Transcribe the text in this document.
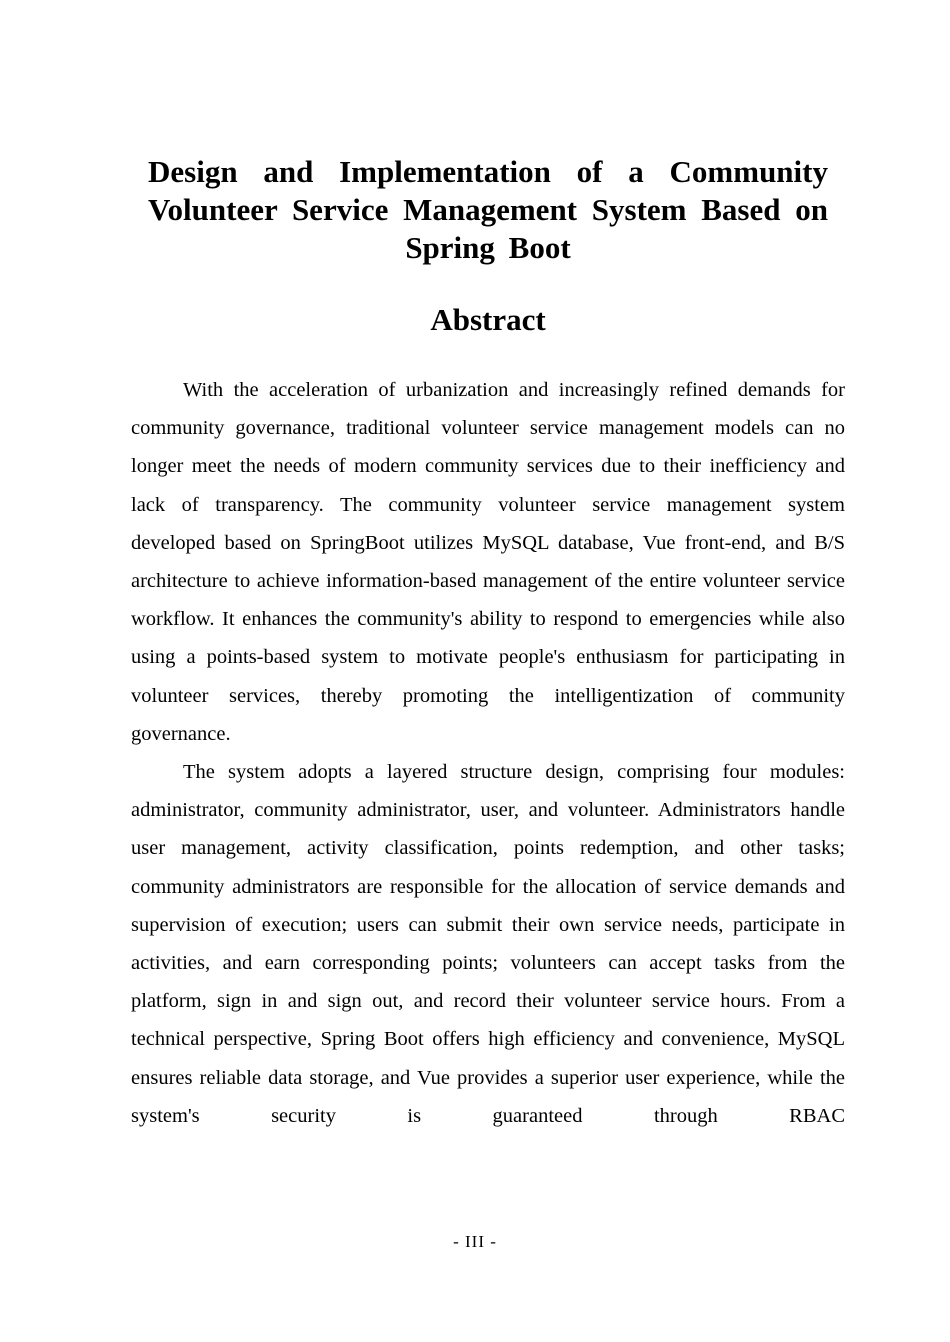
Design and Implementation of a Community Volunteer Service Management System Based on Spring Boot
Abstract

With the acceleration of urbanization and increasingly refined demands for community governance, traditional volunteer service management models can no longer meet the needs of modern community services due to their inefficiency and lack of transparency. The community volunteer service management system developed based on SpringBoot utilizes MySQL database, Vue front-end, and B/S architecture to achieve information-based management of the entire volunteer service workflow. It enhances the community's ability to respond to emergencies while also using a points-based system to motivate people's enthusiasm for participating in volunteer services, thereby promoting the intelligentization of community governance.

The system adopts a layered structure design, comprising four modules: administrator, community administrator, user, and volunteer. Administrators handle user management, activity classification, points redemption, and other tasks; community administrators are responsible for the allocation of service demands and supervision of execution; users can submit their own service needs, participate in activities, and earn corresponding points; volunteers can accept tasks from the platform, sign in and sign out, and record their volunteer service hours. From a technical perspective, Spring Boot offers high efficiency and convenience, MySQL ensures reliable data storage, and Vue provides a superior user experience, while the system's security is guaranteed through RBAC

- III -
